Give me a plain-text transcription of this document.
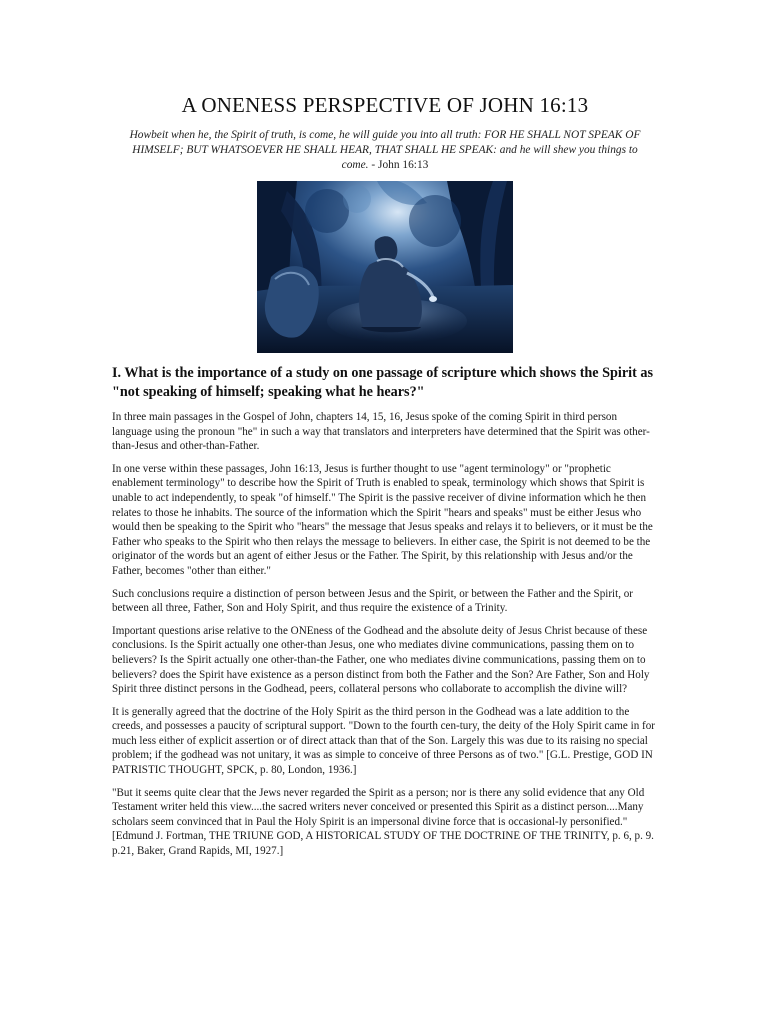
A ONENESS PERSPECTIVE OF JOHN 16:13

Howbeit when he, the Spirit of truth, is come, he will guide you into all truth: FOR HE SHALL NOT SPEAK OF HIMSELF; BUT WHATSOEVER HE SHALL HEAR, THAT SHALL HE SPEAK: and he will shew you things to come. - John 16:13

I. What is the importance of a study on one passage of scripture which shows the Spirit as "not speaking of himself; speaking what he hears?"

In three main passages in the Gospel of John, chapters 14, 15, 16, Jesus spoke of the coming Spirit in third person language using the pronoun "he" in such a way that translators and interpreters have determined that the Spirit was other-than-Jesus and other-than-Father.

In one verse within these passages, John 16:13, Jesus is further thought to use "agent terminology" or "prophetic enablement terminology" to describe how the Spirit of Truth is enabled to speak, terminology which shows that Spirit is unable to act independently, to speak "of himself." The Spirit is the passive receiver of divine information which he then relates to those he inhabits. The source of the information which the Spirit "hears and speaks" must be either Jesus who would then be speaking to the Spirit who "hears" the message that Jesus speaks and relays it to believers, or it must be the Father who speaks to the Spirit who then relays the message to believers. In either case, the Spirit is not deemed to be the originator of the words but an agent of either Jesus or the Father. The Spirit, by this relationship with Jesus and/or the Father, becomes "other than either."

Such conclusions require a distinction of person between Jesus and the Spirit, or between the Father and the Spirit, or between all three, Father, Son and Holy Spirit, and thus require the existence of a Trinity.

Important questions arise relative to the ONEness of the Godhead and the absolute deity of Jesus Christ because of these conclusions. Is the Spirit actually one other-than Jesus, one who mediates divine communications, passing them on to believers? Is the Spirit actually one other-than-the Father, one who mediates divine communications, passing them on to believers? does the Spirit have existence as a person distinct from both the Father and the Son? Are Father, Son and Holy Spirit three distinct persons in the Godhead, peers, collateral persons who collaborate to accomplish the divine will?

It is generally agreed that the doctrine of the Holy Spirit as the third person in the Godhead was a late addition to the creeds, and possesses a paucity of scriptural support. "Down to the fourth cen-tury, the deity of the Holy Spirit came in for much less either of explicit assertion or of direct attack than that of the Son. Largely this was due to its raising no special problem; if the godhead was not unitary, it was as simple to conceive of three Persons as of two." [G.L. Prestige, GOD IN PATRISTIC THOUGHT, SPCK, p. 80, London, 1936.]

"But it seems quite clear that the Jews never regarded the Spirit as a person; nor is there any solid evidence that any Old Testament writer held this view....the sacred writers never conceived or presented this Spirit as a distinct person....Many scholars seem convinced that in Paul the Holy Spirit is an impersonal divine force that is occasional-ly personified." [Edmund J. Fortman, THE TRIUNE GOD, A HISTORICAL STUDY OF THE DOCTRINE OF THE TRINITY, p. 6, p. 9. p.21, Baker, Grand Rapids, MI, 1927.]
